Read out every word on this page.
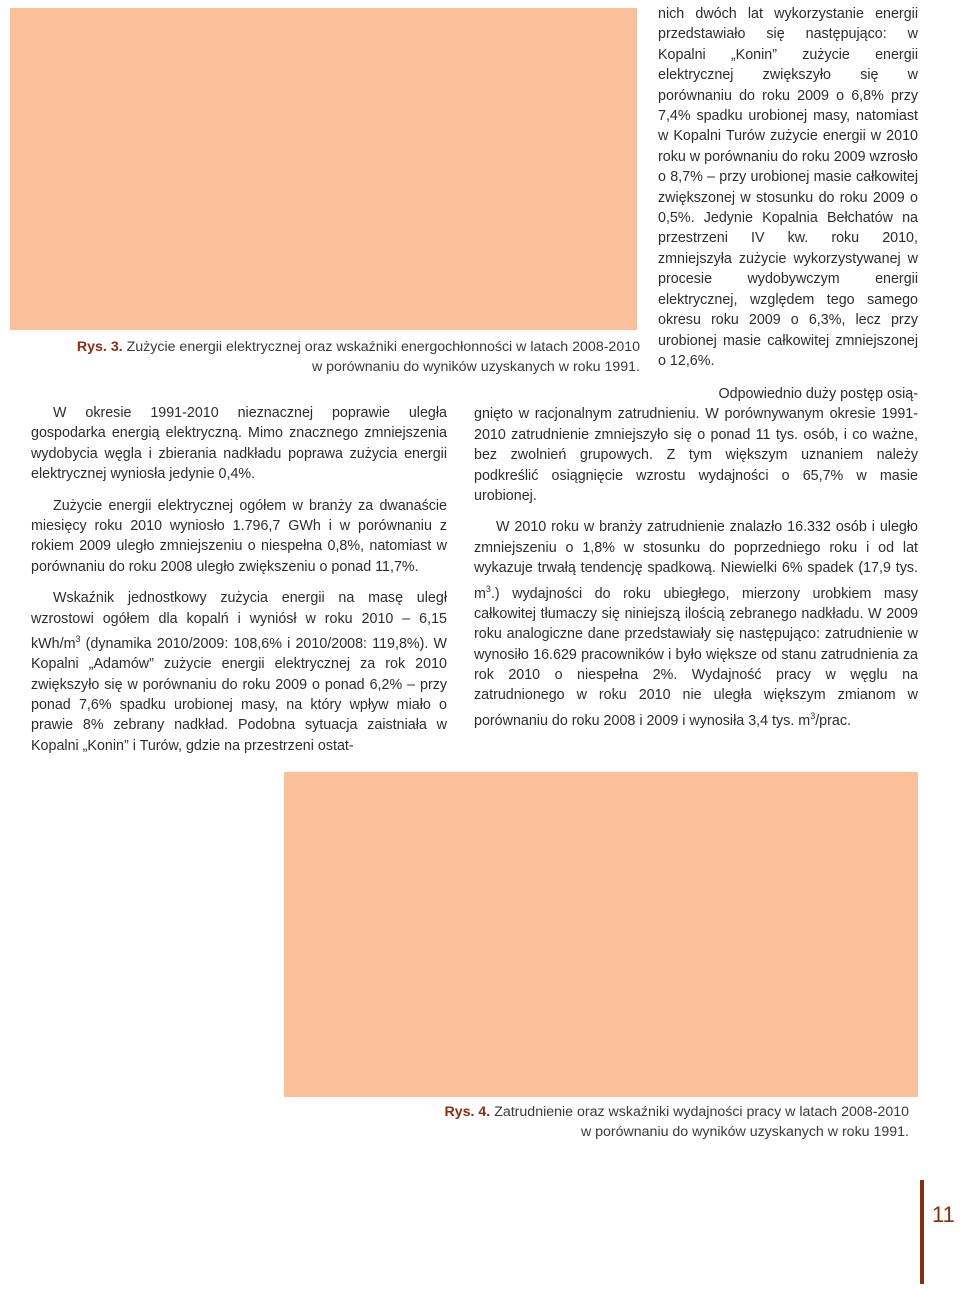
nich dwóch lat wykorzystanie energii przedstawiało się następująco: w Kopalni „Konin” zużycie energii elektrycznej zwiększyło się w porównaniu do roku 2009 o 6,8% przy 7,4% spadku urobionej masy, natomiast w Kopalni Turów zużycie energii w 2010 roku w porównaniu do roku 2009 wzrosło o 8,7% – przy urobionej masie całkowitej zwiększonej w stosunku do roku 2009 o 0,5%. Jedynie Kopalnia Bełchatów na przestrzeni IV kw. roku 2010, zmniejszyła zużycie wykorzystywanej w procesie wydobywczym energii elektrycznej, względem tego samego okresu roku 2009 o 6,3%, lecz przy urobionej masie całkowitej zmniejszonej o 12,6%.

Rys. 3. Zużycie energii elektrycznej oraz wskaźniki energochłonności w latach 2008-2010
w porównaniu do wyników uzyskanych w roku 1991.

W okresie 1991-2010 nieznacznej poprawie uległa gospodarka energią elektryczną. Mimo znacznego zmniejszenia wydobycia węgla i zbierania nadkładu poprawa zużycia energii elektrycznej wyniosła jedynie 0,4%.

Zużycie energii elektrycznej ogółem w branży za dwanaście miesięcy roku 2010 wyniosło 1.796,7 GWh i w porównaniu z rokiem 2009 uległo zmniejszeniu o niespełna 0,8%, natomiast w porównaniu do roku 2008 uległo zwiększeniu o ponad 11,7%.

Wskaźnik jednostkowy zużycia energii na masę uległ wzrostowi ogółem dla kopalń i wyniósł w roku 2010 – 6,15 kWh/$m^3$ (dynamika 2010/2009: 108,6% i 2010/2008: 119,8%). W Kopalni „Adamów” zużycie energii elektrycznej za rok 2010 zwiększyło się w porównaniu do roku 2009 o ponad 6,2% – przy ponad 7,6% spadku urobionej masy, na który wpływ miało o prawie 8% zebrany nadkład. Podobna sytuacja zaistniała w Kopalni „Konin” i Turów, gdzie na przestrzeni ostat-

Odpowiednio duży postęp osią-
gnięto w racjonalnym zatrudnieniu. W porównywanym okresie 1991-2010 zatrudnienie zmniejszyło się o ponad 11 tys. osób, i co ważne, bez zwolnień grupowych. Z tym większym uznaniem należy podkreślić osiągnięcie wzrostu wydajności o 65,7% w masie urobionej.

W 2010 roku w branży zatrudnienie znalazło 16.332 osób i uległo zmniejszeniu o 1,8% w stosunku do poprzedniego roku i od lat wykazuje trwałą tendencję spadkową. Niewielki 6% spadek (17,9 tys. $m^3$.) wydajności do roku ubiegłego, mierzony urobkiem masy całkowitej tłumaczy się niniejszą ilością zebranego nadkładu. W 2009 roku analogiczne dane przedstawiały się następująco: zatrudnienie w wynosiło 16.629 pracowników i było większe od stanu zatrudnienia za rok 2010 o niespełna 2%. Wydajność pracy w węglu na zatrudnionego w roku 2010 nie uległa większym zmianom w porównaniu do roku 2008 i 2009 i wynosiła 3,4 tys. $m^3$/prac.

Rys. 4. Zatrudnienie oraz wskaźniki wydajności pracy w latach 2008-2010
w porównaniu do wyników uzyskanych w roku 1991.
11
